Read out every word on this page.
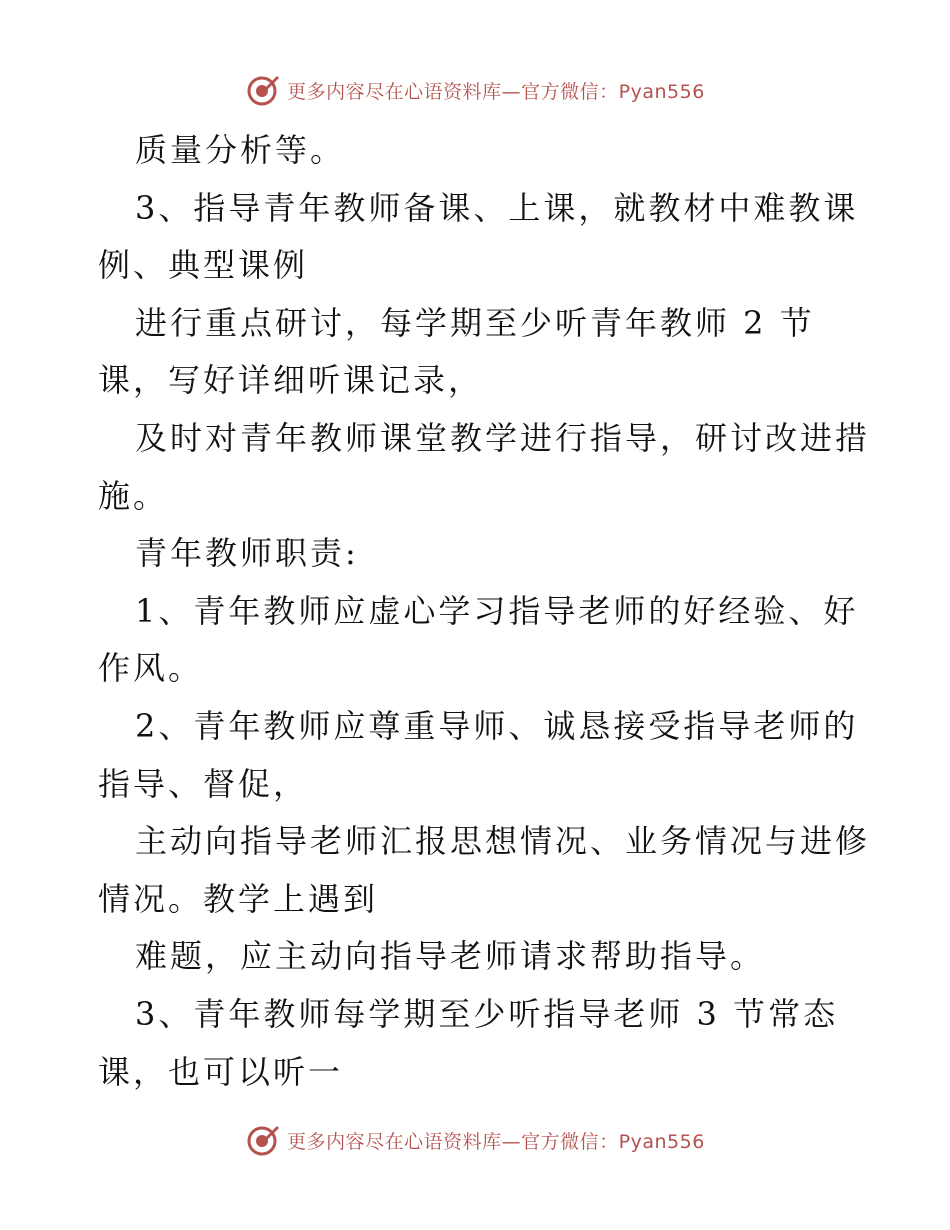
更多内容尽在心语资料库—官方微信：Pyan556
质量分析等。
3、指导青年教师备课、上课，就教材中难教课
例、典型课例
进行重点研讨，每学期至少听青年教师 2 节
课，写好详细听课记录，
及时对青年教师课堂教学进行指导，研讨改进措
施。
青年教师职责:
1、青年教师应虚心学习指导老师的好经验、好
作风。
2、青年教师应尊重导师、诚恳接受指导老师的
指导、督促，
主动向指导老师汇报思想情况、业务情况与进修
情况。教学上遇到
难题，应主动向指导老师请求帮助指导。
3、青年教师每学期至少听指导老师 3 节常态
课，也可以听一
更多内容尽在心语资料库—官方微信：Pyan556
